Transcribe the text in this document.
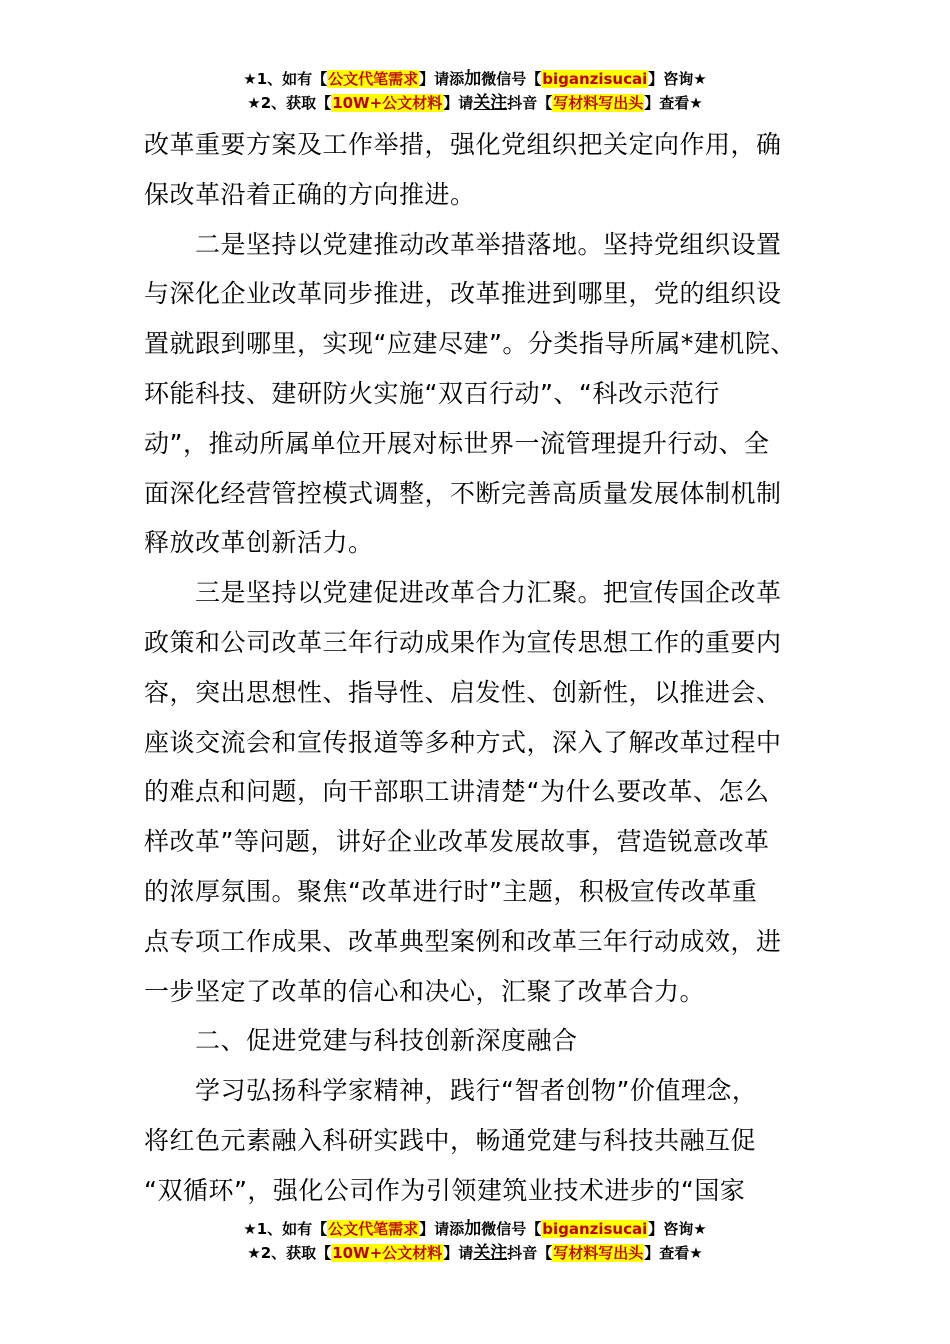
★1、如有【公文代笔需求】请添加微信号【biganzisucai】咨询★
★2、获取【10W+公文材料】请关注抖音【写材料写出头】查看★
改革重要方案及工作举措，强化党组织把关定向作用，确
保改革沿着正确的方向推进。
　　二是坚持以党建推动改革举措落地。坚持党组织设置
与深化企业改革同步推进，改革推进到哪里，党的组织设
置就跟到哪里，实现“应建尽建”。分类指导所属*建机院、
环能科技、建研防火实施“双百行动”、“科改示范行
动”，推动所属单位开展对标世界一流管理提升行动、全
面深化经营管控模式调整，不断完善高质量发展体制机制
释放改革创新活力。
　　三是坚持以党建促进改革合力汇聚。把宣传国企改革
政策和公司改革三年行动成果作为宣传思想工作的重要内
容，突出思想性、指导性、启发性、创新性，以推进会、
座谈交流会和宣传报道等多种方式，深入了解改革过程中
的难点和问题，向干部职工讲清楚“为什么要改革、怎么
样改革”等问题，讲好企业改革发展故事，营造锐意改革
的浓厚氛围。聚焦“改革进行时”主题，积极宣传改革重
点专项工作成果、改革典型案例和改革三年行动成效，进
一步坚定了改革的信心和决心，汇聚了改革合力。
　　二、促进党建与科技创新深度融合
　　学习弘扬科学家精神，践行“智者创物”价值理念，
将红色元素融入科研实践中，畅通党建与科技共融互促
“双循环”，强化公司作为引领建筑业技术进步的“国家
★1、如有【公文代笔需求】请添加微信号【biganzisucai】咨询★
★2、获取【10W+公文材料】请关注抖音【写材料写出头】查看★
